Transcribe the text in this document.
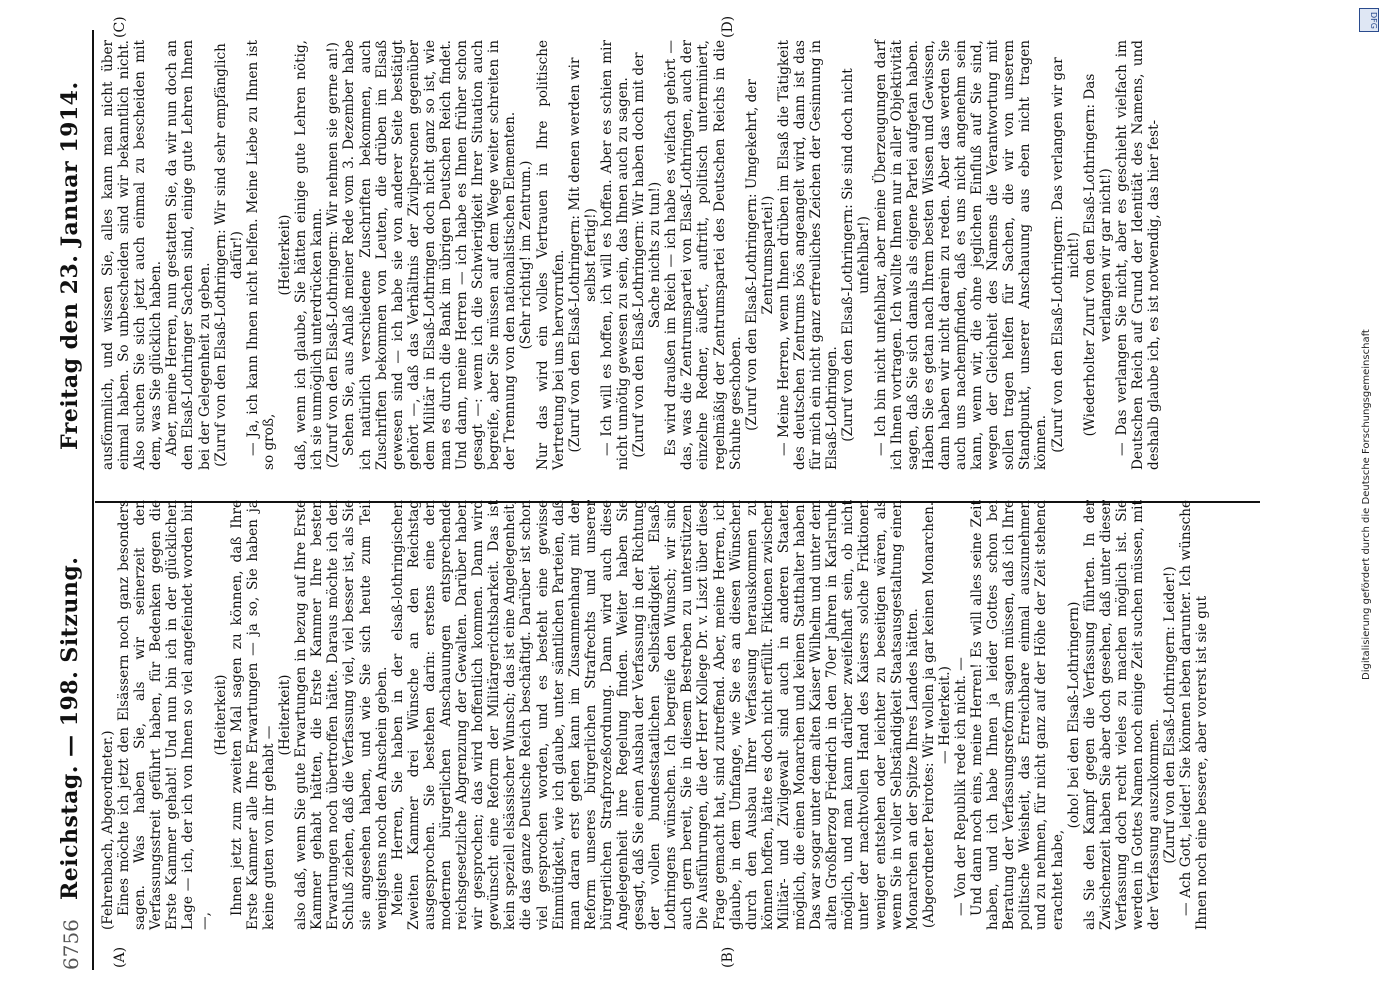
6756
Reichstag. — 198. Sitzung.
Freitag den 23. Januar 1914.
(A)	(B)
(C)	(D)

(Fehrenbach, Abgeordneter.) Eines möchte ich jetzt den Elsässern noch ganz besonders sagen. Was haben Sie, als wir seinerzeit den Verfassungsstreit geführt haben, für Bedenken gegen die Erste Kammer gehabt! Und nun bin ich in der glücklichen Lage — ich, der ich von Ihnen so viel angefeindet worden bin —,

(Heiterkeit) Ihnen jetzt zum zweiten Mal sagen zu können, daß Ihre Erste Kammer alle Ihre Erwartungen — ja so, Sie haben ja keine guten von ihr gehabt —

(Heiterkeit) also daß, wenn Sie gute Erwartungen in bezug auf Ihre Erste Kammer gehabt hätten, die Erste Kammer Ihre besten Erwartungen noch übertroffen hätte. Daraus möchte ich den Schluß ziehen, daß die Verfassung viel, viel besser ist, als Sie sie angesehen haben, und wie Sie sich heute zum Teil wenigstens noch den Anschein geben. Meine Herren, Sie haben in der elsaß-lothringischen Zweiten Kammer drei Wünsche an den Reichstag ausgesprochen. Sie bestehen darin: erstens eine den modernen bürgerlichen Anschauungen entsprechende reichsgesetzliche Abgrenzung der Gewalten. Darüber haben wir gesprochen; das wird hoffentlich kommen. Dann wird gewünscht eine Reform der Militärgerichtsbarkeit. Das ist kein speziell elsässischer Wunsch; das ist eine Angelegenheit, die das ganze Deutsche Reich beschäftigt. Darüber ist schon viel gesprochen worden, und es besteht eine gewisse Einmütigkeit, wie ich glaube, unter sämtlichen Parteien, daß man daran erst gehen kann im Zusammenhang mit der Reform unseres bürgerlichen Strafrechts und unserer bürgerlichen Strafprozeßordnung. Dann wird auch diese Angelegenheit ihre Regelung finden. Weiter haben Sie gesagt, daß Sie einen Ausbau der Verfassung in der Richtung der vollen bundesstaatlichen Selbständigkeit Elsaß-Lothringens wünschen. Ich begreife den Wunsch; wir sind auch gern bereit, Sie in diesem Bestreben zu unterstützen. Die Ausführungen, die der Herr Kollege Dr. v. Liszt über diese Frage gemacht hat, sind zutreffend. Aber, meine Herren, ich glaube, in dem Umfange, wie Sie es an diesen Wünschen durch den Ausbau Ihrer Verfassung herauskommen zu können hoffen, hätte es doch nicht erfüllt. Fiktionen zwischen Militär- und Zivilgewalt sind auch in anderen Staaten möglich, die einen Monarchen und keinen Statthalter haben. Das war sogar unter dem alten Kaiser Wilhelm und unter dem alten Großherzog Friedrich in den 70er Jahren in Karlsruhe möglich, und man kann darüber zweifelhaft sein, ob nicht unter der machtvollen Hand des Kaisers solche Friktionen weniger entstehen oder leichter zu beseitigen wären, als wenn Sie in voller Selbständigkeit Staatsausgestaltung einen Monarchen an der Spitze Ihres Landes hätten. (Abgeordneter Peirotes: Wir wollen ja gar keinen Monarchen. — Heiterkeit.) — Von der Republik rede ich nicht. — Und dann noch eins, meine Herren! Es will alles seine Zeit haben, und ich habe Ihnen ja leider Gottes schon bei Beratung der Verfassungsreform sagen müssen, daß ich Ihre politische Weisheit, das Erreichbare einmal auszunehmen und zu nehmen, für nicht ganz auf der Höhe der Zeit stehend erachtet habe,

(oho! bei den Elsaß-Lothringern) als Sie den Kampf gegen die Verfassung führten. In der Zwischenzeit haben Sie aber doch gesehen, daß unter dieser Verfassung doch recht vieles zu machen möglich ist. Sie werden in Gottes Namen noch einige Zeit suchen müssen, mit der Verfassung auszukommen. (Zuruf von den Elsaß-Lothringern: Leider!) — Ach Gott, leider! Sie können leben darunter. Ich wünsche Ihnen noch eine bessere, aber vorerst ist sie gut

ausfömmlich, und wissen Sie, alles kann man nicht über einmal haben. So unbescheiden sind wir bekanntlich nicht. Also suchen Sie sich jetzt auch einmal zu bescheiden mit dem, was Sie glücklich haben. Aber, meine Herren, nun gestatten Sie, da wir nun doch an den Elsaß-Lothringer Sachen sind, einige gute Lehren Ihnen bei der Gelegenheit zu geben. (Zuruf von den Elsaß-Lothringern: Wir sind sehr empfänglich dafür!) — Ja, ich kann Ihnen nicht helfen. Meine Liebe zu Ihnen ist so groß,

(Heiterkeit) daß, wenn ich glaube, Sie hätten einige gute Lehren nötig, ich sie unmöglich unterdrücken kann. (Zuruf von den Elsaß-Lothringern: Wir nehmen sie gerne an!) Sehen Sie, aus Anlaß meiner Rede vom 3. Dezember habe ich natürlich verschiedene Zuschriften bekommen, auch Zuschriften bekommen von Leuten, die drüben im Elsaß gewesen sind — ich habe sie von anderer Seite bestätigt gehört —, daß das Verhältnis der Zivilpersonen gegenüber dem Militär in Elsaß-Lothringen doch nicht ganz so ist, wie man es durch die Bank im übrigen Deutschen Reich findet. Und dann, meine Herren — ich habe es Ihnen früher schon gesagt —: wenn ich die Schwierigkeit Ihrer Situation auch begreife, aber Sie müssen auf dem Wege weiter schreiten in der Trennung von den nationalistischen Elementen. (Sehr richtig! im Zentrum.) Nur das wird ein volles Vertrauen in Ihre politische Vertretung bei uns hervorrufen. (Zuruf von den Elsaß-Lothringern: Mit denen werden wir selbst fertig!) — Ich will es hoffen, ich will es hoffen. Aber es schien mir nicht unnötig gewesen zu sein, das Ihnen auch zu sagen. (Zuruf von den Elsaß-Lothringern: Wir haben doch mit der Sache nichts zu tun!) Es wird draußen im Reich — ich habe es vielfach gehört — das, was die Zentrumspartei von Elsaß-Lothringen, auch der einzelne Redner, äußert, auftritt, politisch unterminiert, regelmäßig der Zentrumspartei des Deutschen Reichs in die Schuhe geschoben. (Zuruf von den Elsaß-Lothringern: Umgekehrt, der Zentrumspartei!) — Meine Herren, wenn Ihnen drüben im Elsaß die Tätigkeit des deutschen Zentrums bös angeangelt wird, dann ist das für mich ein nicht ganz erfreuliches Zeichen der Gesinnung in Elsaß-Lothringen. (Zuruf von den Elsaß-Lothringern: Sie sind doch nicht unfehlbar!) — Ich bin nicht unfehlbar, aber meine Überzeugungen darf ich Ihnen vortragen. Ich wollte Ihnen nur in aller Objektivität sagen, daß Sie sich damals als eigene Partei aufgetan haben. Haben Sie es getan nach Ihrem besten Wissen und Gewissen, dann haben wir nicht darein zu reden. Aber das werden Sie auch uns nachempfinden, daß es uns nicht angenehm sein kann, wenn wir, die ohne jeglichen Einfluß auf Sie sind, wegen der Gleichheit des Namens die Verantwortung mit sollen tragen helfen für Sachen, die wir von unserem Standpunkt, unserer Anschauung aus eben nicht tragen können. (Zuruf von den Elsaß-Lothringern: Das verlangen wir gar nicht!) (Wiederholter Zuruf von den Elsaß-Lothringern: Das verlangen wir gar nicht!) — Das verlangen Sie nicht, aber es geschieht vielfach im Deutschen Reich auf Grund der Identität des Namens, und deshalb glaube ich, es ist notwendig, das hier fest-

DFG
Digitalisierung gefördert durch die Deutsche Forschungsgemeinschaft
